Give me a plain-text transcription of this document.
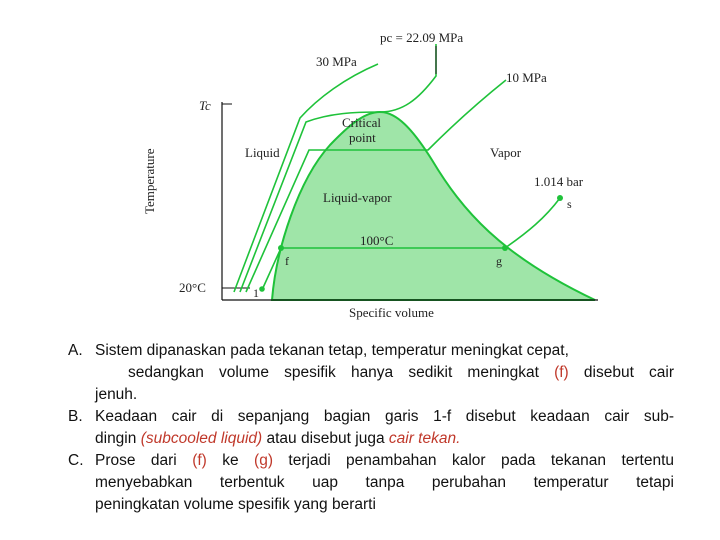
Temperature
Specific volume
Tc
pc = 22.09 MPa
30 MPa
10 MPa
Critical
point
Liquid	Vapor
Liquid-vapor
1.014 bar
s
100°C
f	g
20°C	1
A. Sistem dipanaskan pada tekanan tetap, temperatur meningkat cepat,
sedangkan volume spesifik hanya sedikit meningkat (f) disebut cair
jenuh.
B. Keadaan cair di sepanjang bagian garis 1-f disebut keadaan cair sub-
dingin (subcooled liquid) atau disebut juga cair tekan.
C. Prose dari (f) ke (g) terjadi penambahan kalor pada tekanan tertentu
menyebabkan terbentuk uap tanpa perubahan temperatur tetapi
peningkatan volume spesifik yang berarti
